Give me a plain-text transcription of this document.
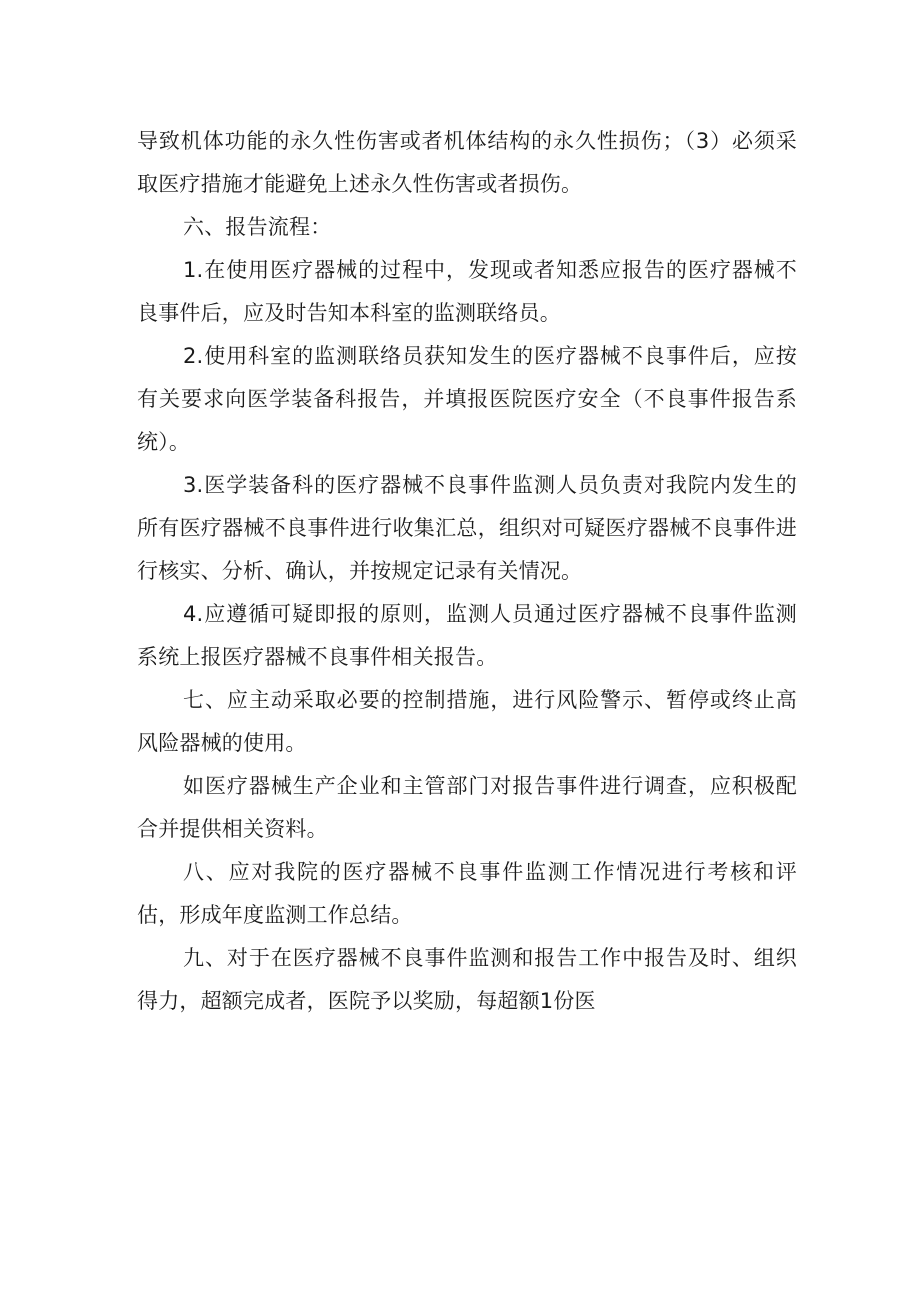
导致机体功能的永久性伤害或者机体结构的永久性损伤；（3）必须采取医疗措施才能避免上述永久性伤害或者损伤。

六、报告流程：

1.在使用医疗器械的过程中，发现或者知悉应报告的医疗器械不良事件后，应及时告知本科室的监测联络员。

2.使用科室的监测联络员获知发生的医疗器械不良事件后，应按有关要求向医学装备科报告，并填报医院医疗安全（不良事件报告系统）。

3.医学装备科的医疗器械不良事件监测人员负责对我院内发生的所有医疗器械不良事件进行收集汇总，组织对可疑医疗器械不良事件进行核实、分析、确认，并按规定记录有关情况。

4.应遵循可疑即报的原则，监测人员通过医疗器械不良事件监测系统上报医疗器械不良事件相关报告。

七、应主动采取必要的控制措施，进行风险警示、暂停或终止高风险器械的使用。

如医疗器械生产企业和主管部门对报告事件进行调查，应积极配合并提供相关资料。

八、应对我院的医疗器械不良事件监测工作情况进行考核和评估，形成年度监测工作总结。

九、对于在医疗器械不良事件监测和报告工作中报告及时、组织得力，超额完成者，医院予以奖励，每超额1份医
